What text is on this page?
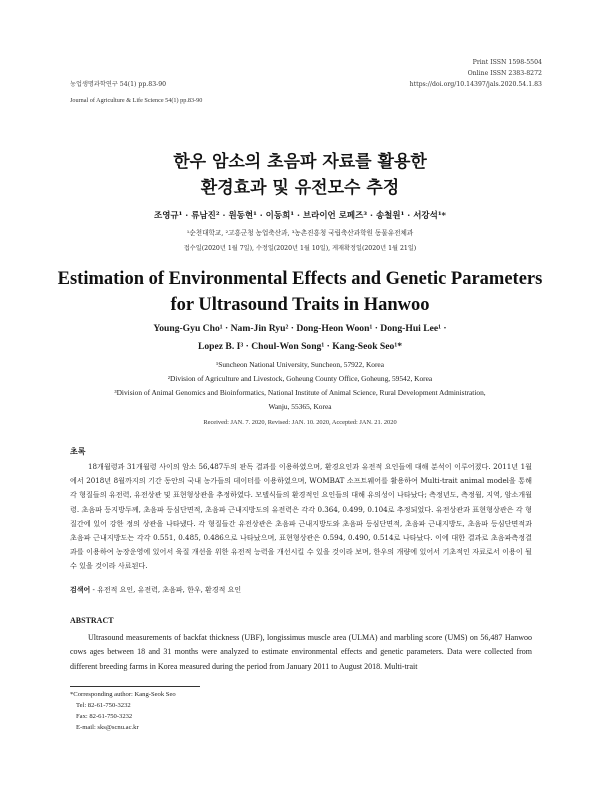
Print ISSN 1598-5504
Online ISSN 2383-8272
농업생명과학연구 54(1) pp.83-90	https://doi.org/10.14397/jals.2020.54.1.83
Journal of Agriculture & Life Science 54(1) pp.83-90
한우 암소의 초음파 자료를 활용한
환경효과 및 유전모수 추정
조영규¹ · 류남진² · 원동현¹ · 이동희¹ · 브라이언 로페즈³ · 송철원¹ · 서강석¹*
¹순천대학교, ²고흥군청 농업축산과, ³농촌진흥청 국립축산과학원 동물유전체과
접수일(2020년 1월 7일), 수정일(2020년 1월 10일), 게재확정일(2020년 1월 21일)
Estimation of Environmental Effects and Genetic Parameters
for Ultrasound Traits in Hanwoo
Young-Gyu Cho¹ · Nam-Jin Ryu² · Dong-Heon Woon¹ · Dong-Hui Lee¹ ·
Lopez B. I³ · Choul-Won Song¹ · Kang-Seok Seo¹*
¹Suncheon National University, Suncheon, 57922, Korea
²Division of Agriculture and Livestock, Goheung County Office, Goheung, 59542, Korea
³Division of Animal Genomics and Bioinformatics, National Institute of Animal Science, Rural Development Administration,
Wanju, 55365, Korea
Received: JAN. 7. 2020, Revised: JAN. 10. 2020, Accepted: JAN. 21. 2020
초록
18개월령과 31개월령 사이의 암소 56,487두의 판독 결과를 이용하였으며, 환경요인과 유전적 요인들에 대해 분석이 이루어졌다. 2011년 1월에서 2018년 8월까지의 기간 동안의 국내 농가들의 데이터를 이용하였으며, WOMBAT 소프트웨어를 활용하여 Multi-trait animal model을 통해 각 형질들의 유전력, 유전상관 및 표현형상관을 추정하였다. 모델식들의 환경적인 요인들의 대해 유의성이 나타났다; 측정년도, 측정월, 지역, 암소개월령. 초음파 등지방두께, 초음파 등심단면적, 초음파 근내지방도의 유전력은 각각 0.364, 0.499, 0.104로 추정되었다. 유전상관과 표현형상관은 각 형질간에 있어 강한 정의 상관을 나타냈다. 각 형질들간 유전상관은 초음파 근내지방도와 초음파 등심단면적, 초음파 근내지방도, 초음파 등심단면적과 초음파 근내지방도는 각각 0.551, 0.485, 0.486으로 나타났으며, 표현형상관은 0.594, 0.490, 0.514로 나타났다. 이에 대한 결과로 초음파측정결과를 이용하여 농장운영에 있어서 육질 개선을 위한 유전적 능력을 개선시킬 수 있을 것이라 보며, 한우의 개량에 있어서 기초적인 자료로서 이용이 될 수 있을 것이라 사료된다.
검색어 - 유전적 요인, 유전력, 초음파, 한우, 환경적 요인
ABSTRACT
Ultrasound measurements of backfat thickness (UBF), longissimus muscle area (ULMA) and marbling score (UMS) on 56,487 Hanwoo cows ages between 18 and 31 months were analyzed to estimate environmental effects and genetic parameters. Data were collected from different breeding farms in Korea measured during the period from January 2011 to August 2018. Multi-trait
*Corresponding author: Kang-Seok Seo
Tel: 82-61-750-3232
Fax: 82-61-750-3232
E-mail: sks@scnu.ac.kr
